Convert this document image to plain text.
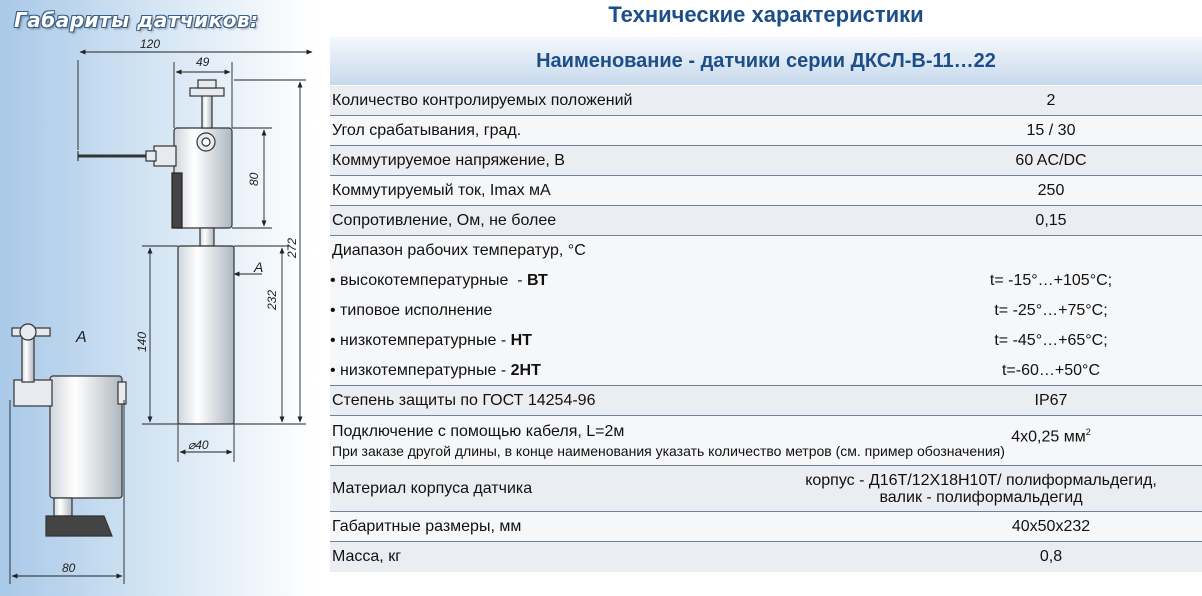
120
49
80
272
232
140
⌀40
80
A
A
Габариты датчиков:	Технические характеристики
Наименование - датчики серии ДКСЛ-В-11…22
Количество контролируемых положений	2
Угол срабатывания, град.	15 / 30
Коммутируемое напряжение, В	60 AC/DC
Коммутируемый ток, Imax мА	250
Сопротивление, Ом, не более	0,15
Диапазон рабочих температур, °С
• высокотемпературные  - ВТ	t= -15°…+105°С;
• типовое исполнение	t= -25°…+75°С;
• низкотемпературные - НТ	t= -45°…+65°С;
• низкотемпературные - 2НТ	t=-60…+50°С
Степень защиты по ГОСТ 14254-96	IP67
Подключение с помощью кабеля, L=2м	4х0,25 $мм^2$
При заказе другой длины, в конце наименования указать количество метров (см. пример обозначения)
Материал корпуса датчика	корпус - Д16Т/12Х18Н10Т/ полиформальдегид,
валик - полиформальдегид
Габаритные размеры, мм	40х50х232
Масса, кг	0,8
